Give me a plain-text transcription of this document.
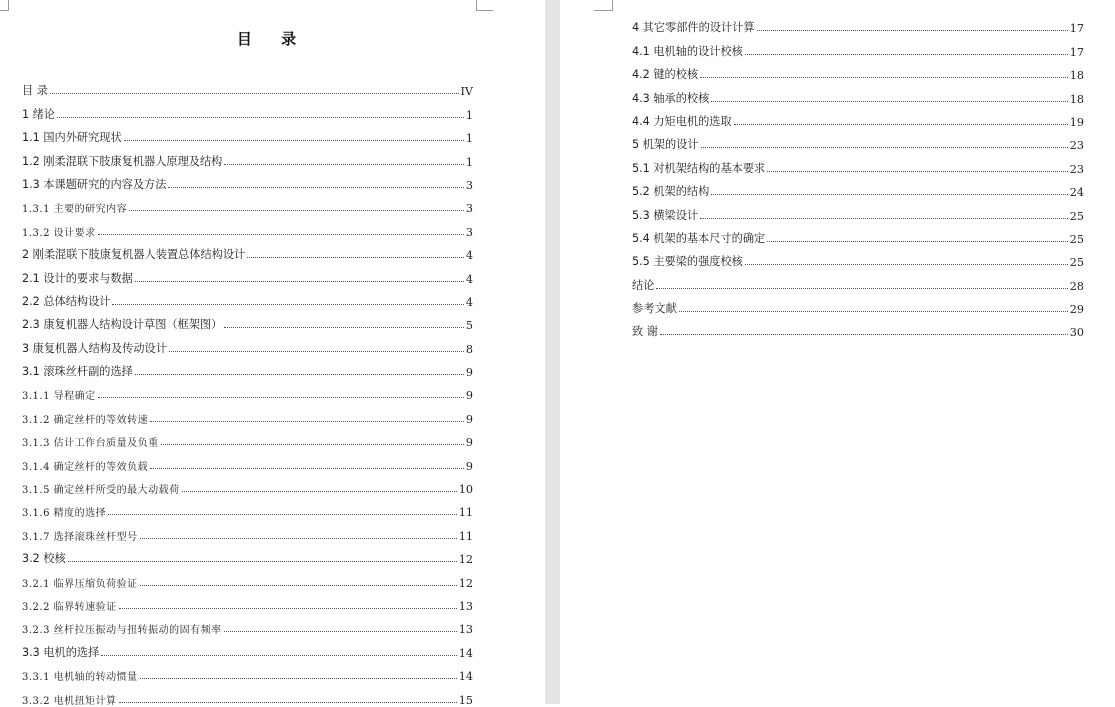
目 录
目 录	IV
1 绪论	1
1.1 国内外研究现状	1
1.2 刚柔混联下肢康复机器人原理及结构	1
1.3 本课题研究的内容及方法	3
1.3.1 主要的研究内容	3
1.3.2 设计要求	3
2 刚柔混联下肢康复机器人装置总体结构设计	4
2.1 设计的要求与数据	4
2.2 总体结构设计	4
2.3 康复机器人结构设计草图（框架图）	5
3 康复机器人结构及传动设计	8
3.1 滚珠丝杆副的选择	9
3.1.1 导程确定	9
3.1.2 确定丝杆的等效转速	9
3.1.3 估计工作台质量及负重	9
3.1.4 确定丝杆的等效负载	9
3.1.5 确定丝杆所受的最大动载荷	10
3.1.6 精度的选择	11
3.1.7 选择滚珠丝杆型号	11
3.2 校核	12
3.2.1 临界压缩负荷验证	12
3.2.2 临界转速验证	13
3.2.3 丝杆拉压振动与扭转振动的固有频率	13
3.3 电机的选择	14
3.3.1 电机轴的转动惯量	14
3.3.2 电机扭矩计算	15
4 其它零部件的设计计算	17
4.1 电机轴的设计校核	17
4.2 键的校核	18
4.3 轴承的校核	18
4.4 力矩电机的选取	19
5 机架的设计	23
5.1 对机架结构的基本要求	23
5.2 机架的结构	24
5.3 横梁设计	25
5.4 机架的基本尺寸的确定	25
5.5 主要梁的强度校核	25
结论	28
参考文献	29
致 谢	30
